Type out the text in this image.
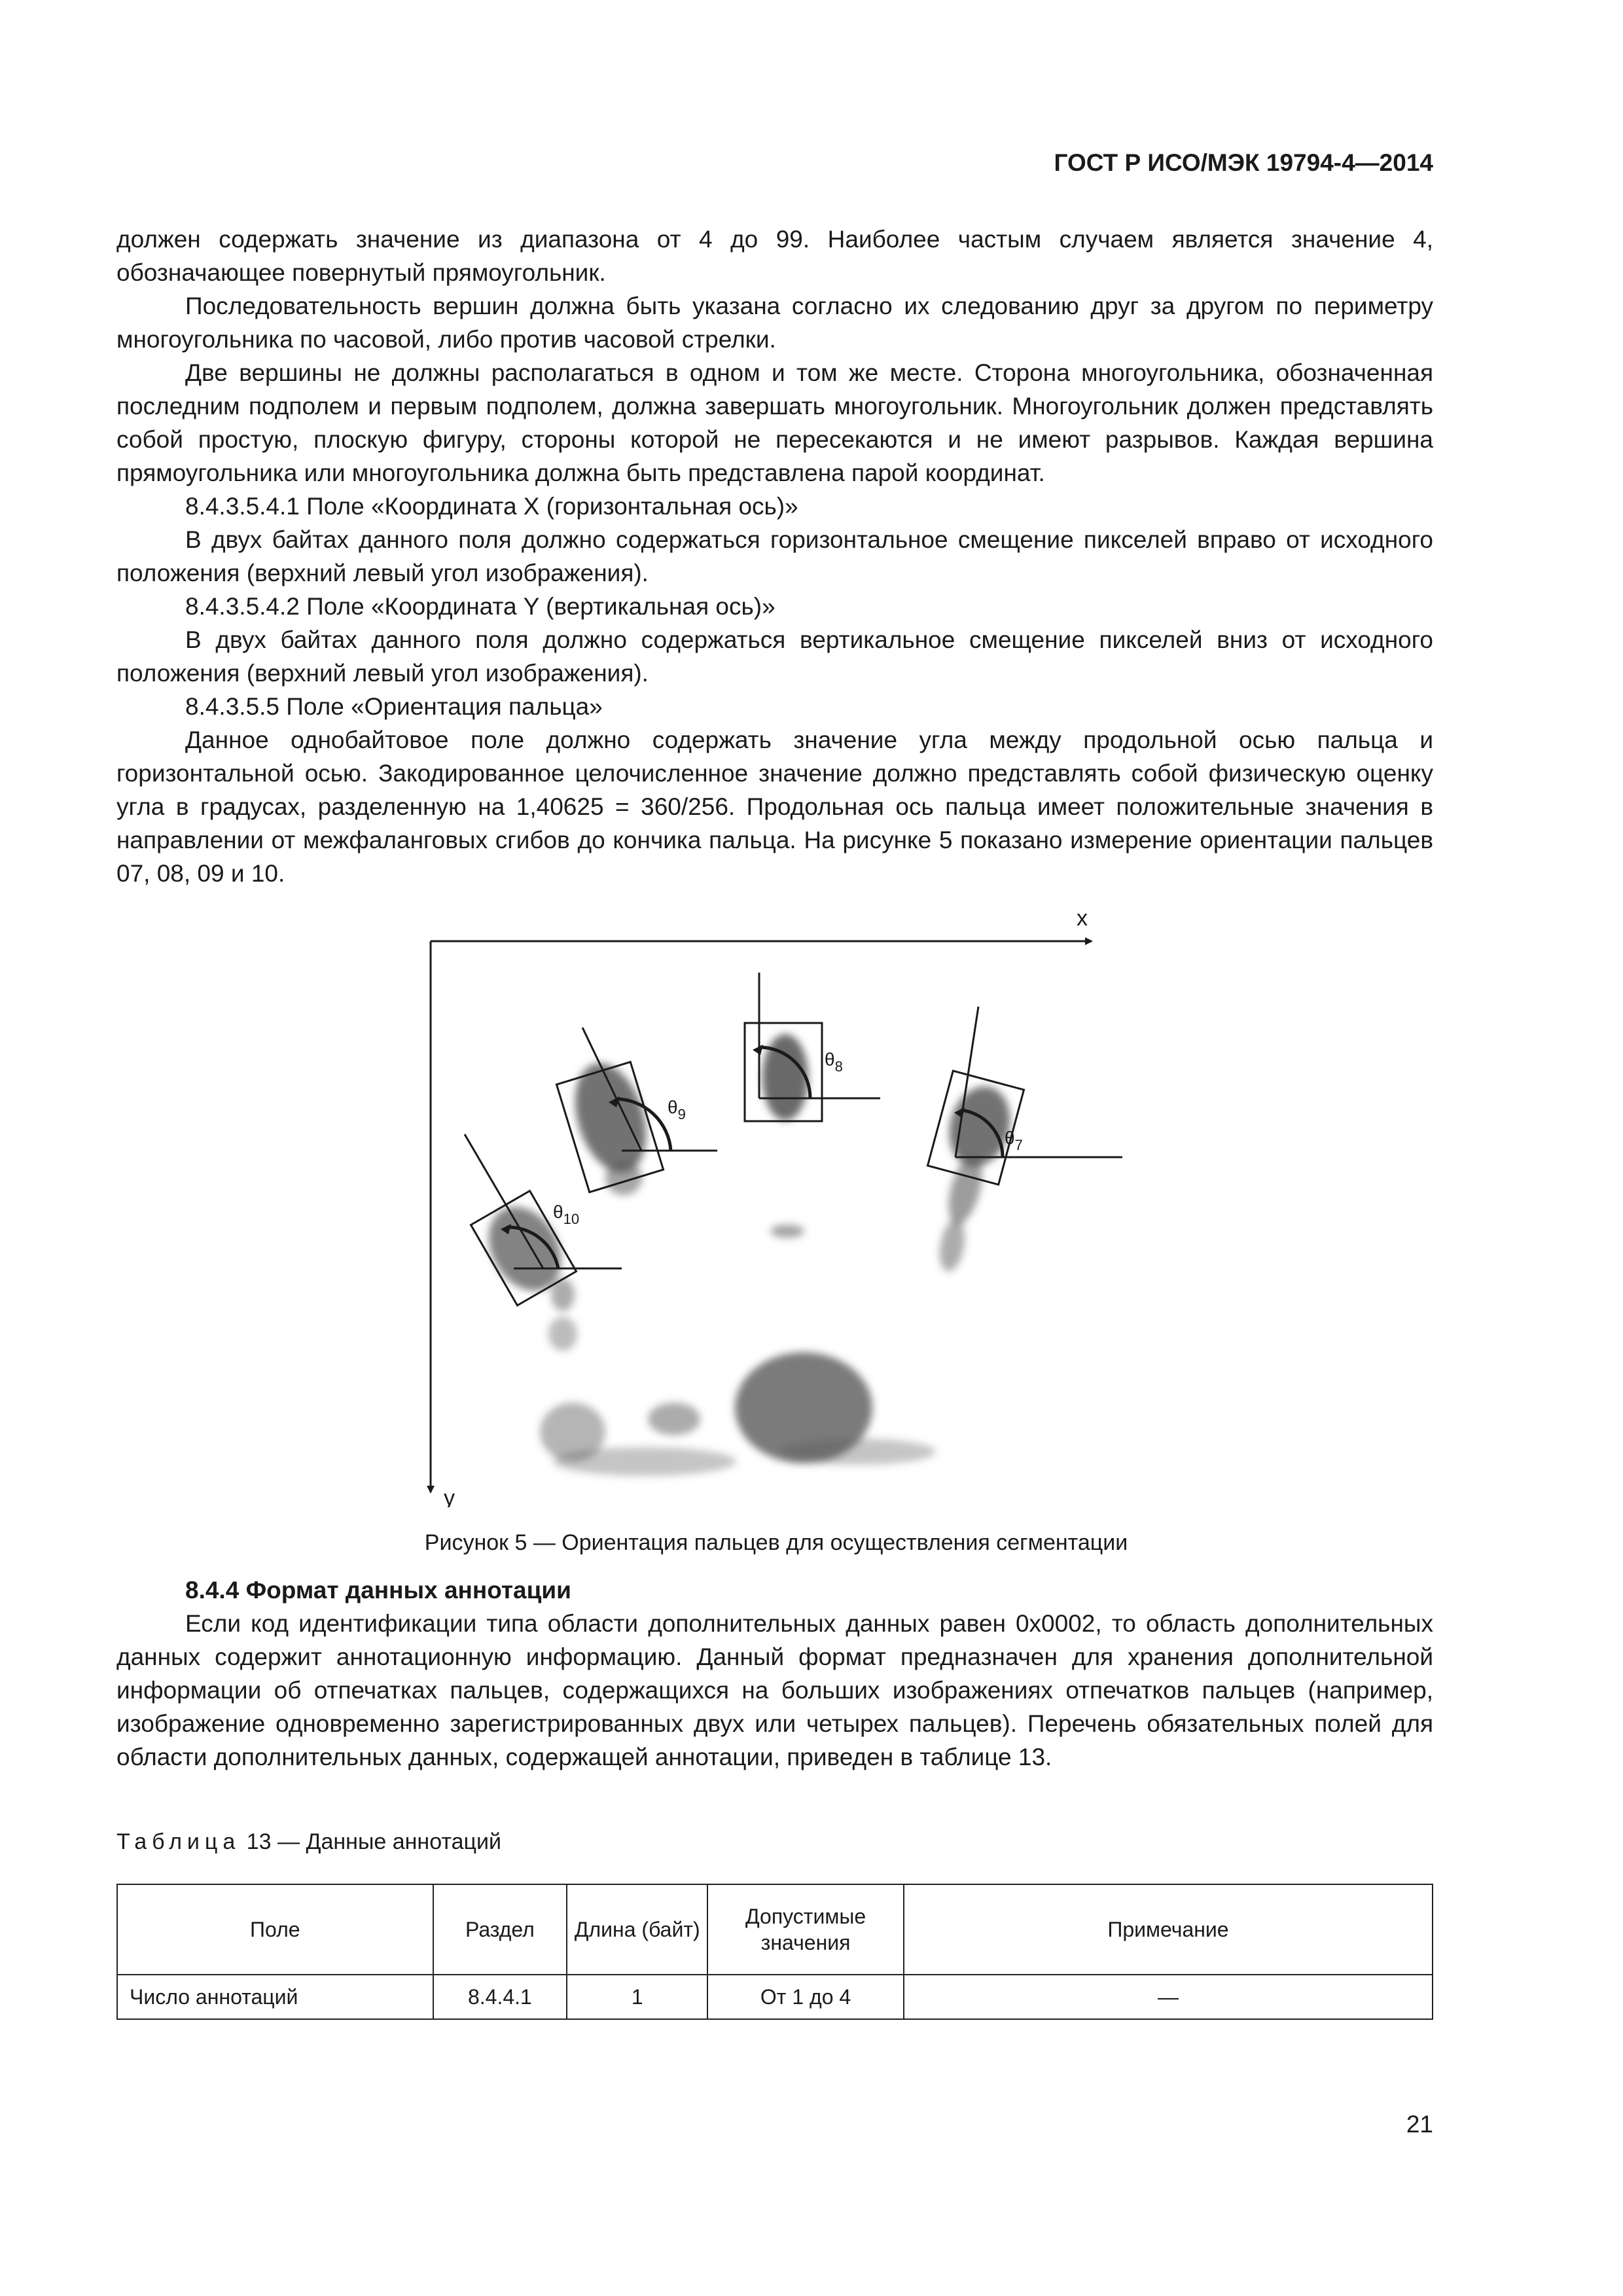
ГОСТ Р ИСО/МЭК 19794-4—2014

должен содержать значение из диапазона от 4 до 99. Наиболее частым случаем является значение 4, обозначающее повернутый прямоугольник.

Последовательность вершин должна быть указана согласно их следованию друг за другом по периметру многоугольника по часовой, либо против часовой стрелки.

Две вершины не должны располагаться в одном и том же месте. Сторона многоугольника, обозначенная последним подполем и первым подполем, должна завершать многоугольник. Многоугольник должен представлять собой простую, плоскую фигуру, стороны которой не пересекаются и не имеют разрывов. Каждая вершина прямоугольника или многоугольника должна быть представлена парой координат.

8.4.3.5.4.1 Поле «Координата X (горизонтальная ось)»

В двух байтах данного поля должно содержаться горизонтальное смещение пикселей вправо от исходного положения (верхний левый угол изображения).

8.4.3.5.4.2 Поле «Координата Y (вертикальная ось)»

В двух байтах данного поля должно содержаться вертикальное смещение пикселей вниз от исходного положения (верхний левый угол изображения).

8.4.3.5.5 Поле «Ориентация пальца»

Данное однобайтовое поле должно содержать значение угла между продольной осью пальца и горизонтальной осью. Закодированное целочисленное значение должно представлять собой физическую оценку угла в градусах, разделенную на 1,40625 = 360/256. Продольная ось пальца имеет положительные значения в направлении от межфаланговых сгибов до кончика пальца. На рисунке 5 показано измерение ориентации пальцев 07, 08, 09 и 10.

x
y
$\theta_8$
$\theta_9$
$\theta_7$
$\theta_{10}$
Рисунок 5 — Ориентация пальцев для осуществления сегментации
8.4.4 Формат данных аннотации

Если код идентификации типа области дополнительных данных равен 0x0002, то область дополнительных данных содержит аннотационную информацию. Данный формат предназначен для хранения дополнительной информации об отпечатках пальцев, содержащихся на больших изображениях отпечатков пальцев (например, изображение одновременно зарегистрированных двух или четырех пальцев). Перечень обязательных полей для области дополнительных данных, содержащей аннотации, приведен в таблице 13.

Таблица 13 — Данные аннотаций
Поле	Раздел	Длина (байт)	Допустимые значения	Примечание
Число аннотаций	8.4.4.1	1	От 1 до 4	—
21
